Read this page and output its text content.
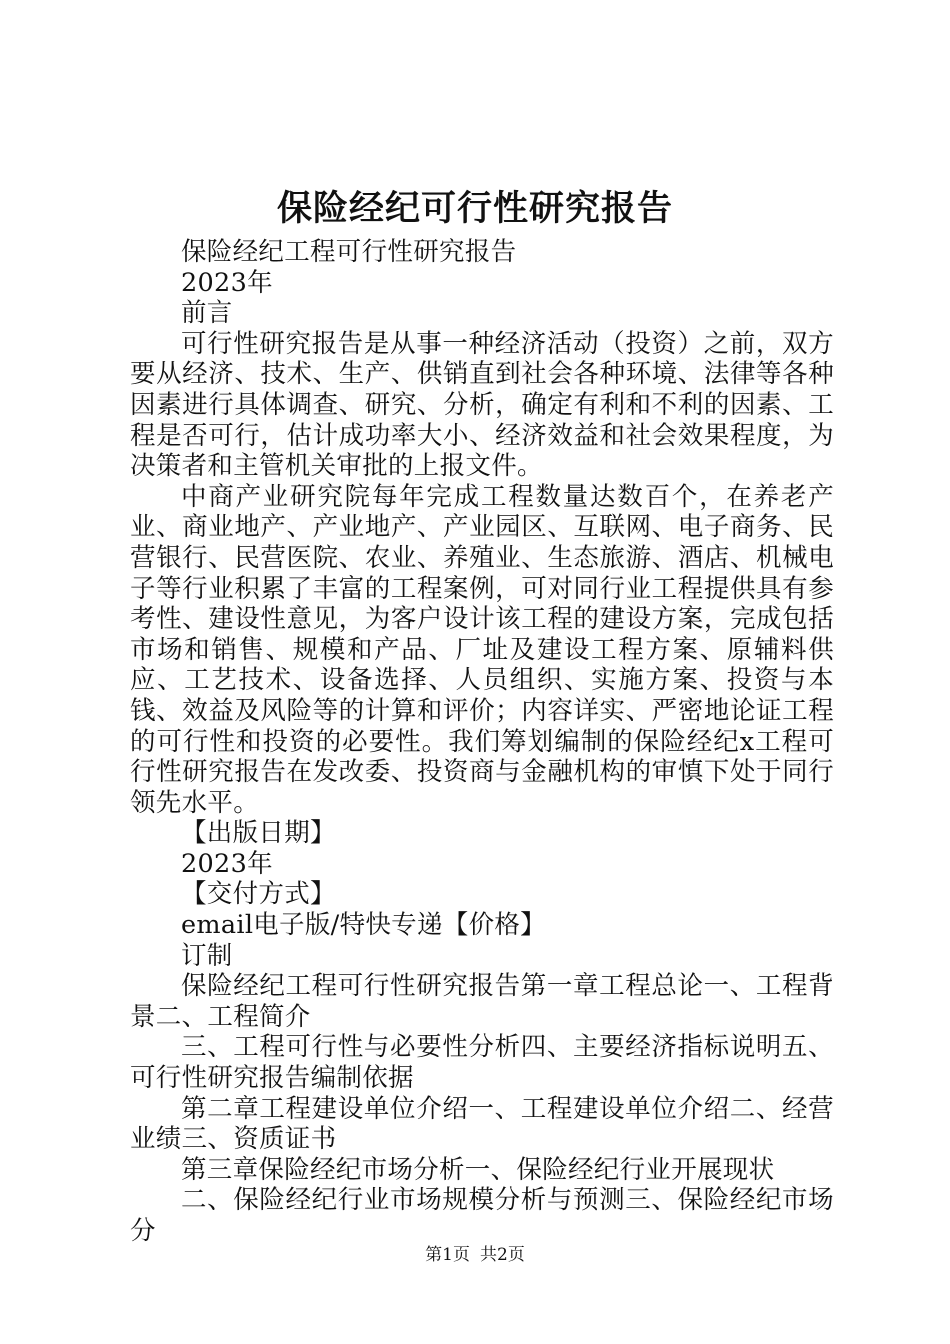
保险经纪可行性研究报告

保险经纪工程可行性研究报告

2023年

前言

可行性研究报告是从事一种经济活动（投资）之前，双方要从经济、技术、生产、供销直到社会各种环境、法律等各种因素进行具体调查、研究、分析，确定有利和不利的因素、工程是否可行，估计成功率大小、经济效益和社会效果程度，为决策者和主管机关审批的上报文件。

中商产业研究院每年完成工程数量达数百个，在养老产业、商业地产、产业地产、产业园区、互联网、电子商务、民营银行、民营医院、农业、养殖业、生态旅游、酒店、机械电子等行业积累了丰富的工程案例，可对同行业工程提供具有参考性、建设性意见，为客户设计该工程的建设方案，完成包括市场和销售、规模和产品、厂址及建设工程方案、原辅料供应、工艺技术、设备选择、人员组织、实施方案、投资与本钱、效益及风险等的计算和评价；内容详实、严密地论证工程的可行性和投资的必要性。我们筹划编制的保险经纪x工程可行性研究报告在发改委、投资商与金融机构的审慎下处于同行领先水平。

【出版日期】

2023年

【交付方式】

email电子版/特快专递【价格】

订制

保险经纪工程可行性研究报告第一章工程总论一、工程背景二、工程简介

三、工程可行性与必要性分析四、主要经济指标说明五、可行性研究报告编制依据

第二章工程建设单位介绍一、工程建设单位介绍二、经营业绩三、资质证书

第三章保险经纪市场分析一、保险经纪行业开展现状

二、保险经纪行业市场规模分析与预测三、保险经纪市场分

第1页 共2页
